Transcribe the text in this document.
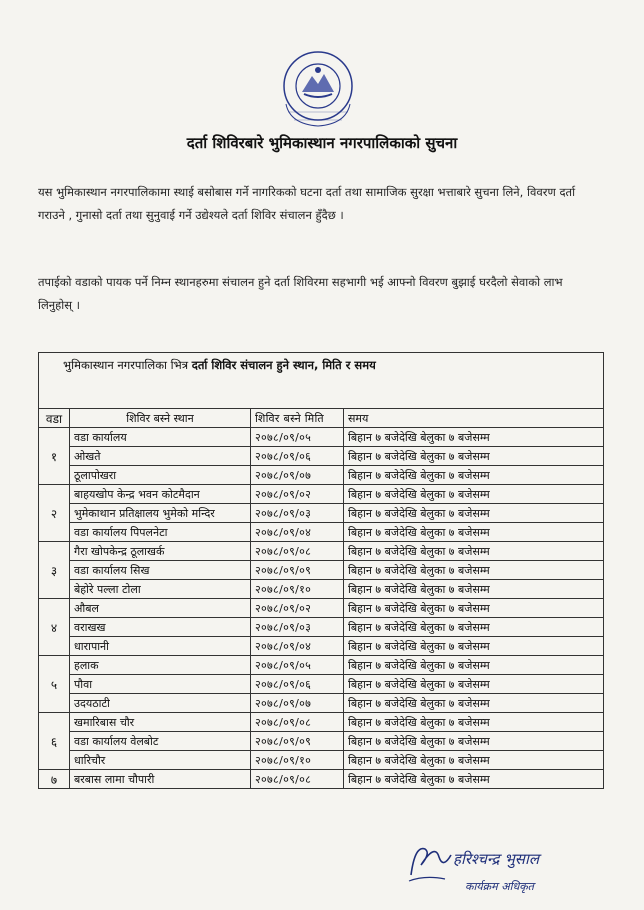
दर्ता शिविरबारे भुमिकास्थान नगरपालिकाको सुचना
यस भुमिकास्थान नगरपालिकामा स्थाई बसोबास गर्ने नागरिकको घटना दर्ता तथा सामाजिक सुरक्षा भत्ताबारे सुचना लिने, विवरण दर्ता गराउने , गुनासो दर्ता तथा सुनुवाई गर्ने उद्येश्यले दर्ता शिविर संचालन हुँदैछ ।
तपाईको वडाको पायक पर्ने निम्न स्थानहरुमा संचालन हुने दर्ता शिविरमा सहभागी भई आफ्नो विवरण बुझाई घरदैलो सेवाको लाभ लिनुहोस् ।
भुमिकास्थान नगरपालिका भित्र दर्ता शिविर संचालन हुने स्थान, मिति र समय			
वडा	शिविर बस्ने स्थान	शिविर बस्ने मिति	समय
१	वडा कार्यालय	२०७८/०९/०५	बिहान ७ बजेदेखि बेलुका ७ बजेसम्म
	ओखते	२०७८/०९/०६	बिहान ७ बजेदेखि बेलुका ७ बजेसम्म
	ठूलापोखरा	२०७८/०९/०७	बिहान ७ बजेदेखि बेलुका ७ बजेसम्म
२	बाहयखोप केन्द्र भवन कोटमैदान	२०७८/०९/०२	बिहान ७ बजेदेखि बेलुका ७ बजेसम्म
	भुमेकाथान प्रतिक्षालय भुमेको मन्दिर	२०७८/०९/०३	बिहान ७ बजेदेखि बेलुका ७ बजेसम्म
	वडा कार्यालय पिपलनेटा	२०७८/०९/०४	बिहान ७ बजेदेखि बेलुका ७ बजेसम्म
३	गैरा खोपकेन्द्र ठूलाखर्क	२०७८/०९/०८	बिहान ७ बजेदेखि बेलुका ७ बजेसम्म
	वडा कार्यालय सिख	२०७८/०९/०९	बिहान ७ बजेदेखि बेलुका ७ बजेसम्म
	बेहोरे पल्ला टोला	२०७८/०९/१०	बिहान ७ बजेदेखि बेलुका ७ बजेसम्म
४	औबल	२०७८/०९/०२	बिहान ७ बजेदेखि बेलुका ७ बजेसम्म
	वराखख	२०७८/०९/०३	बिहान ७ बजेदेखि बेलुका ७ बजेसम्म
	धारापानी	२०७८/०९/०४	बिहान ७ बजेदेखि बेलुका ७ बजेसम्म
५	हलाक	२०७८/०९/०५	बिहान ७ बजेदेखि बेलुका ७ बजेसम्म
	पौवा	२०७८/०९/०६	बिहान ७ बजेदेखि बेलुका ७ बजेसम्म
	उदयठाटी	२०७८/०९/०७	बिहान ७ बजेदेखि बेलुका ७ बजेसम्म
६	खमारिबास चौर	२०७८/०९/०८	बिहान ७ बजेदेखि बेलुका ७ बजेसम्म
	वडा कार्यालय वेलबोट	२०७८/०९/०९	बिहान ७ बजेदेखि बेलुका ७ बजेसम्म
	धारिचौर	२०७८/०९/१०	बिहान ७ बजेदेखि बेलुका ७ बजेसम्म
७	बरबास लामा चौपारी	२०७८/०९/०८	बिहान ७ बजेदेखि बेलुका ७ बजेसम्म
हरिश्चन्द्र भुसाल
कार्यक्रम अधिकृत
